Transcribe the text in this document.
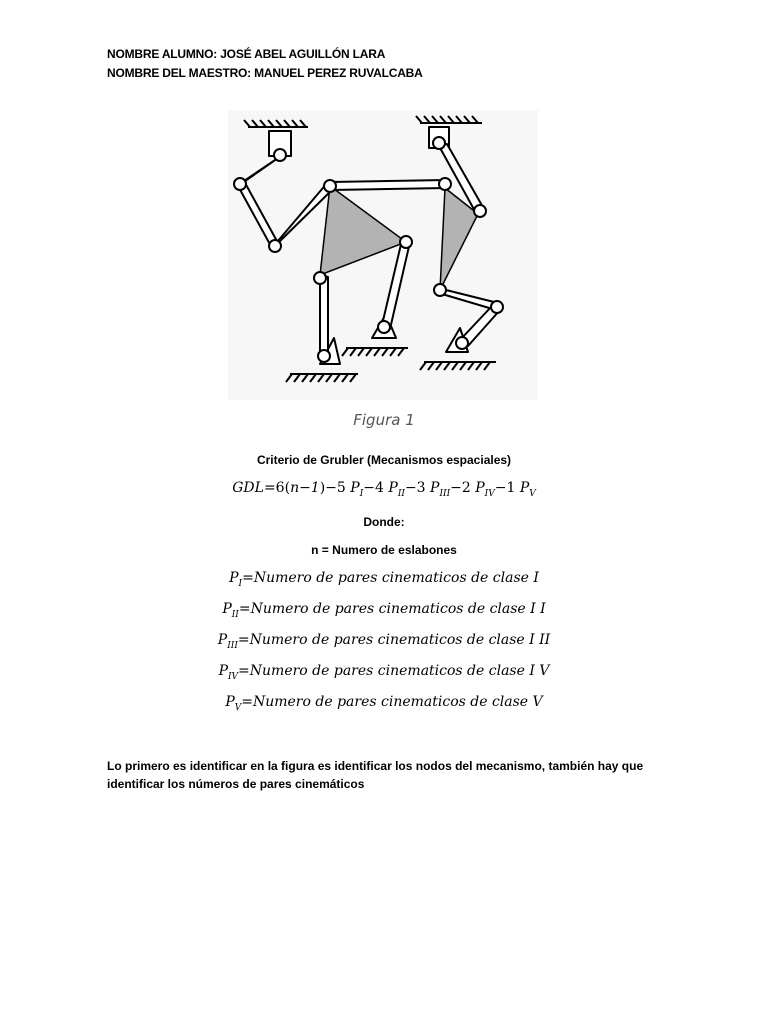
NOMBRE ALUMNO: JOSÉ ABEL AGUILLÓN LARA
NOMBRE DEL MAESTRO: MANUEL PEREZ RUVALCABA
Figura 1
Criterio de Grubler (Mecanismos espaciales)
GDL=6(n−1)−5 $P_I-4$ $P_{II}-3$ $P_{III}-2$ $P_{IV}-1$ $P_V$
Donde:
n = Numero de eslabones
$P_I=Numero$ de pares cinematicos de clase I
$P_{II}=Numero$ de pares cinematicos de clase I I
$P_{III}=Numero$ de pares cinematicos de clase I II
$P_{IV}=Numero$ de pares cinematicos de clase I V
$P_V=Numero$ de pares cinematicos de clase V
Lo primero es identificar en la figura es identificar los nodos del mecanismo, también hay que identificar los números de pares cinemáticos
